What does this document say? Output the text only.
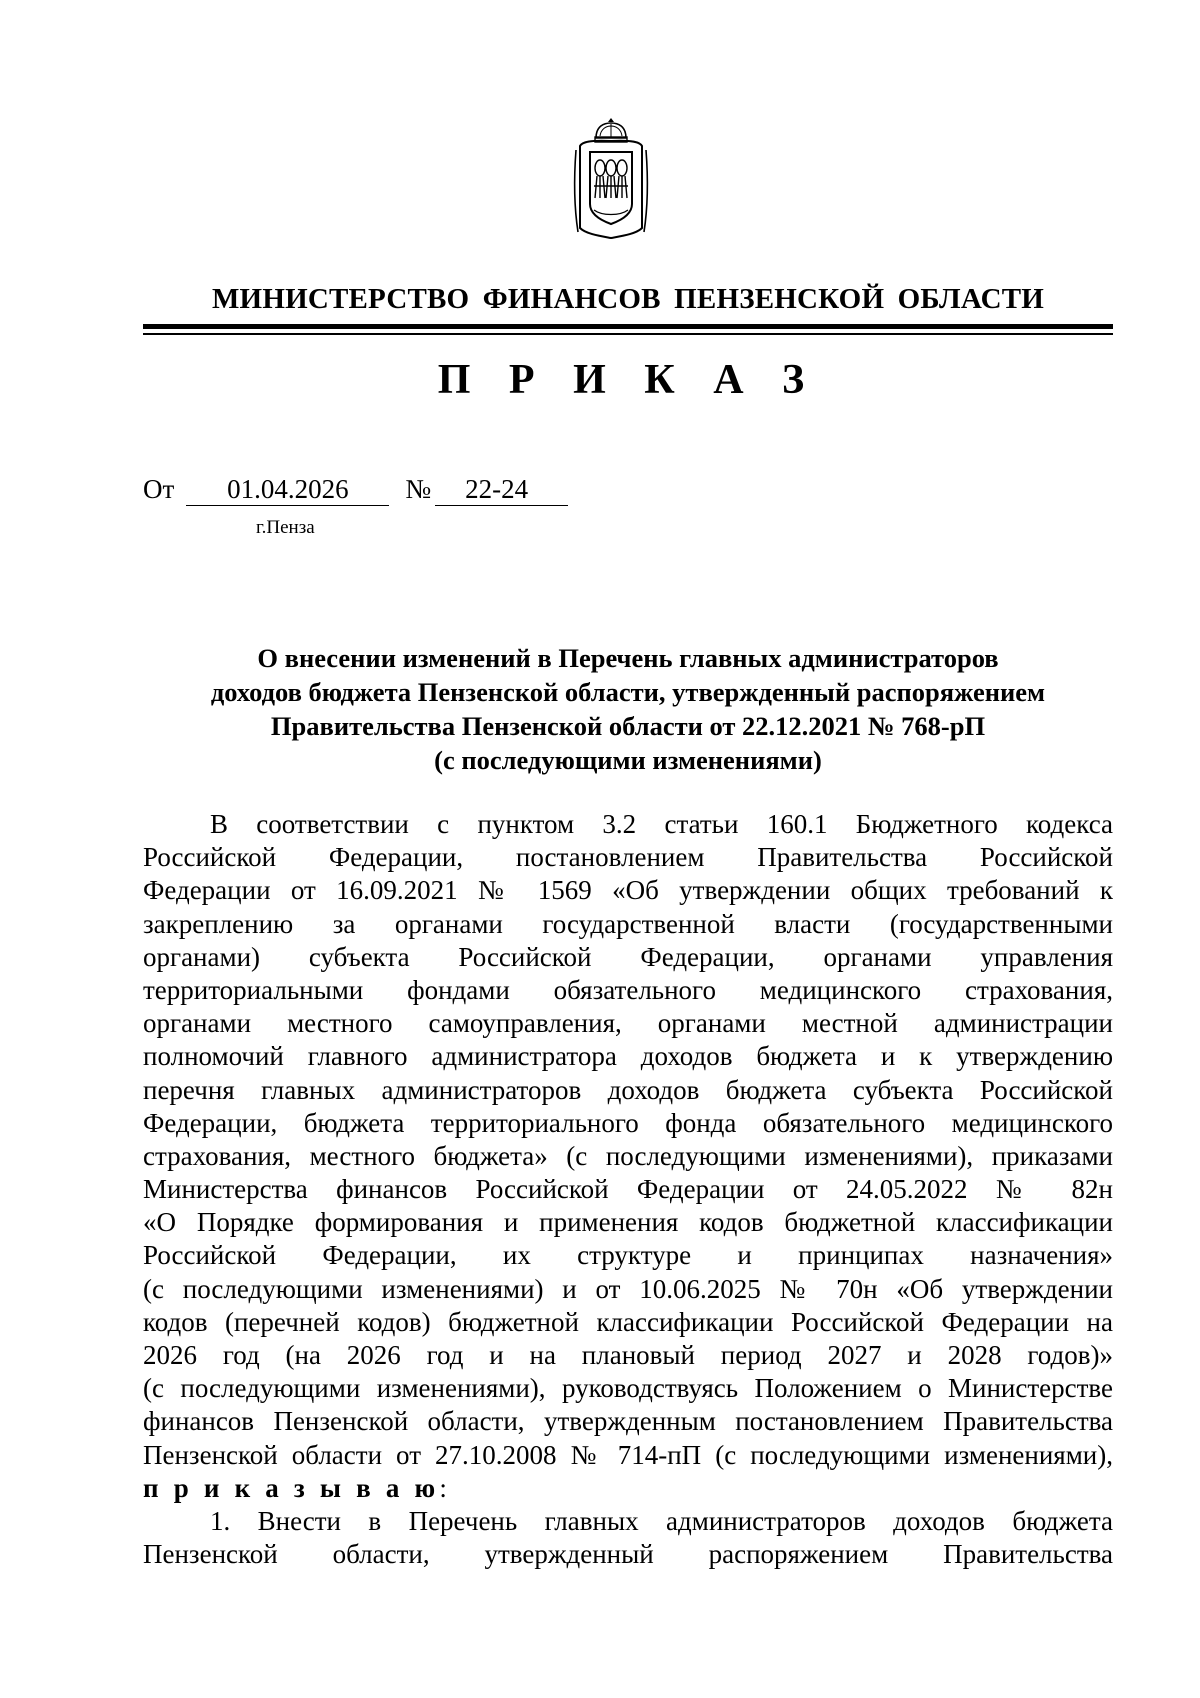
МИНИСТЕРСТВО ФИНАНСОВ ПЕНЗЕНСКОЙ ОБЛАСТИ
П Р И К А З
От	01.04.2026	№	22-24
г.Пенза
О внесении изменений в Перечень главных администраторов
доходов бюджета Пензенской области, утвержденный распоряжением
Правительства Пензенской области от 22.12.2021 № 768-рП
(с последующими изменениями)
В соответствии с пунктом 3.2 статьи 160.1 Бюджетного кодекса
Российской Федерации, постановлением Правительства Российской
Федерации от 16.09.2021 № 1569 «Об утверждении общих требований к
закреплению за органами государственной власти (государственными
органами) субъекта Российской Федерации, органами управления
территориальными фондами обязательного медицинского страхования,
органами местного самоуправления, органами местной администрации
полномочий главного администратора доходов бюджета и к утверждению
перечня главных администраторов доходов бюджета субъекта Российской
Федерации, бюджета территориального фонда обязательного медицинского
страхования, местного бюджета» (с последующими изменениями), приказами
Министерства финансов Российской Федерации от 24.05.2022 № 82н
«О Порядке формирования и применения кодов бюджетной классификации
Российской Федерации, их структуре и принципах назначения»
(с последующими изменениями) и от 10.06.2025 № 70н «Об утверждении
кодов (перечней кодов) бюджетной классификации Российской Федерации на
2026 год (на 2026 год и на плановый период 2027 и 2028 годов)»
(с последующими изменениями), руководствуясь Положением о Министерстве
финансов Пензенской области, утвержденным постановлением Правительства
Пензенской области от 27.10.2008 № 714-пП (с последующими изменениями),
п р и к а з ы в а ю:
1. Внести в Перечень главных администраторов доходов бюджета
Пензенской области, утвержденный распоряжением Правительства
